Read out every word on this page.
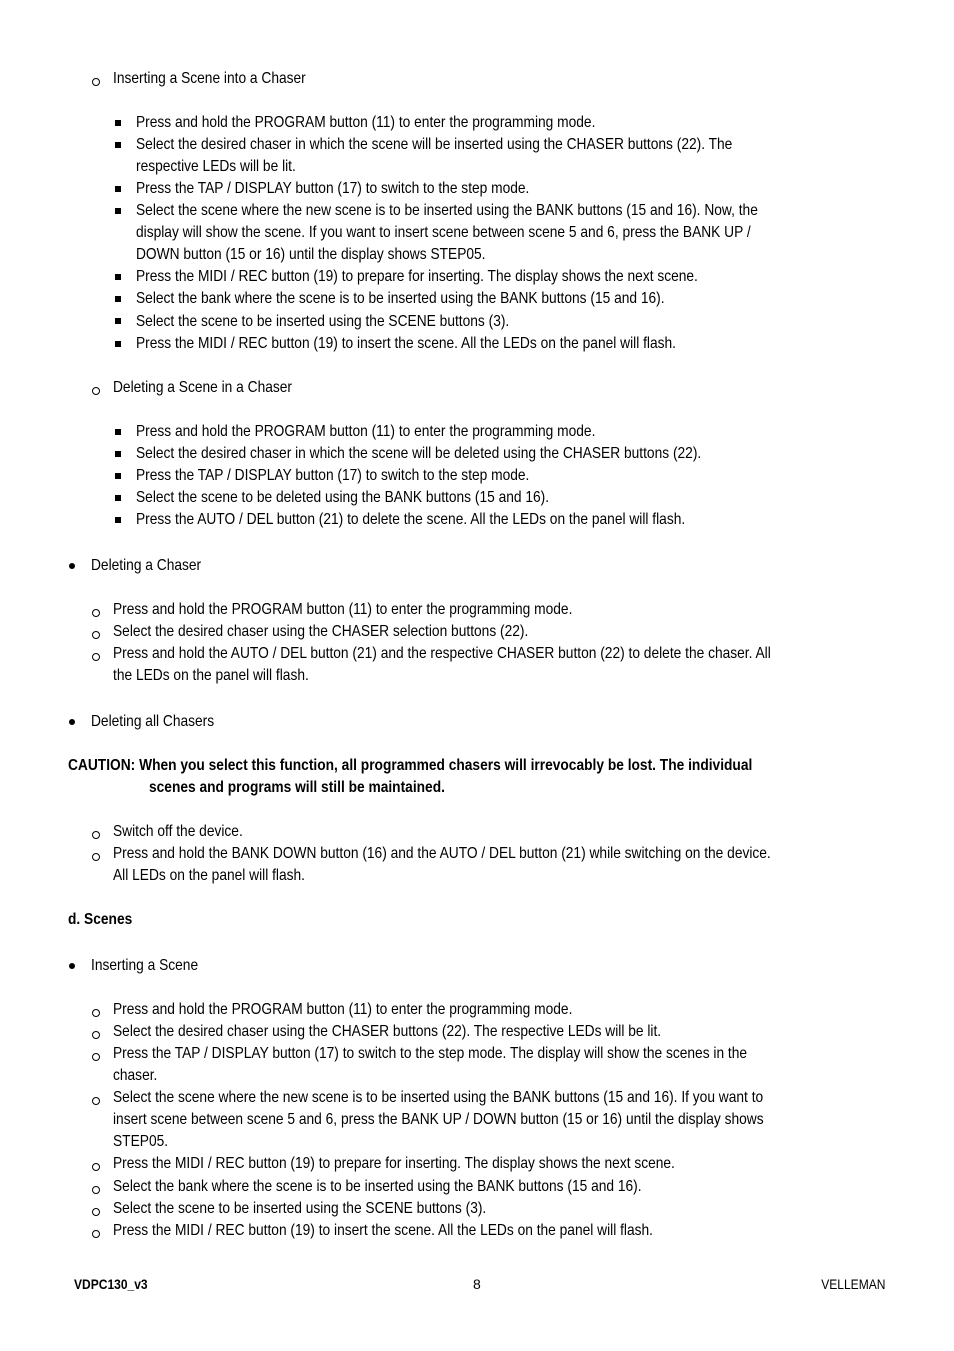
Inserting a Scene into a Chaser
Press and hold the PROGRAM button (11) to enter the programming mode.
Select the desired chaser in which the scene will be inserted using the CHASER buttons (22). The
respective LEDs will be lit.
Press the TAP / DISPLAY button (17) to switch to the step mode.
Select the scene where the new scene is to be inserted using the BANK buttons (15 and 16). Now, the
display will show the scene. If you want to insert scene between scene 5 and 6, press the BANK UP /
DOWN button (15 or 16) until the display shows STEP05.
Press the MIDI / REC button (19) to prepare for inserting. The display shows the next scene.
Select the bank where the scene is to be inserted using the BANK buttons (15 and 16).
Select the scene to be inserted using the SCENE buttons (3).
Press the MIDI / REC button (19) to insert the scene. All the LEDs on the panel will flash.
Deleting a Scene in a Chaser
Press and hold the PROGRAM button (11) to enter the programming mode.
Select the desired chaser in which the scene will be deleted using the CHASER buttons (22).
Press the TAP / DISPLAY button (17) to switch to the step mode.
Select the scene to be deleted using the BANK buttons (15 and 16).
Press the AUTO / DEL button (21) to delete the scene. All the LEDs on the panel will flash.
Deleting a Chaser
Press and hold the PROGRAM button (11) to enter the programming mode.
Select the desired chaser using the CHASER selection buttons (22).
Press and hold the AUTO / DEL button (21) and the respective CHASER button (22) to delete the chaser. All
the LEDs on the panel will flash.
Deleting all Chasers
CAUTION: When you select this function, all programmed chasers will irrevocably be lost. The individual
scenes and programs will still be maintained.
Switch off the device.
Press and hold the BANK DOWN button (16) and the AUTO / DEL button (21) while switching on the device.
All LEDs on the panel will flash.
d. Scenes
Inserting a Scene
Press and hold the PROGRAM button (11) to enter the programming mode.
Select the desired chaser using the CHASER buttons (22). The respective LEDs will be lit.
Press the TAP / DISPLAY button (17) to switch to the step mode. The display will show the scenes in the
chaser.
Select the scene where the new scene is to be inserted using the BANK buttons (15 and 16). If you want to
insert scene between scene 5 and 6, press the BANK UP / DOWN button (15 or 16) until the display shows
STEP05.
Press the MIDI / REC button (19) to prepare for inserting. The display shows the next scene.
Select the bank where the scene is to be inserted using the BANK buttons (15 and 16).
Select the scene to be inserted using the SCENE buttons (3).
Press the MIDI / REC button (19) to insert the scene. All the LEDs on the panel will flash.
VDPC130_v3	8	VELLEMAN
